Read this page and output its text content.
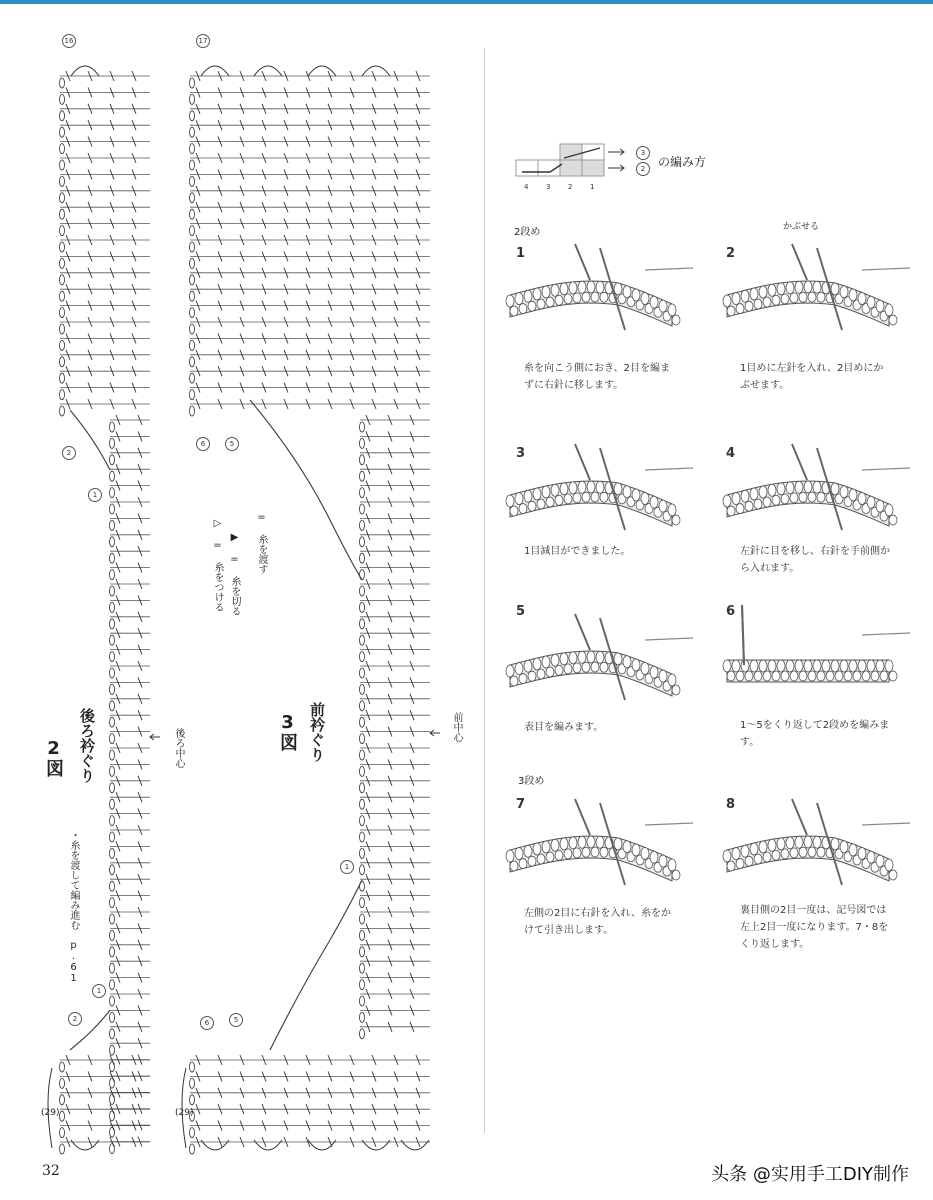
2図 後ろ衿ぐり	後ろ中心
・糸を渡して編み進む　p.61
(29)
16
2
1
2
1
3図 前衿ぐり	前中心
(29)
17
6	5
1
6	5
▷ = 糸をつける ▶ = 糸を切る = 糸を渡す
32
4	3	2	1
3
2	の編み方
2段め
3段め
1
糸を向こう側におき、2目を編まずに右針に移します。
2
1目めに左針を入れ、2目めにかぶせます。
かぶせる
3
1目減目ができました。
4
左針に目を移し、右針を手前側から入れます。
5
表目を編みます。
6
1～5をくり返して2段めを編みます。
7
左側の2目に右針を入れ、糸をかけて引き出します。
8
裏目側の2目一度は、記号図では左上2目一度になります。7・8をくり返します。
头条 @实用手工DIY制作
